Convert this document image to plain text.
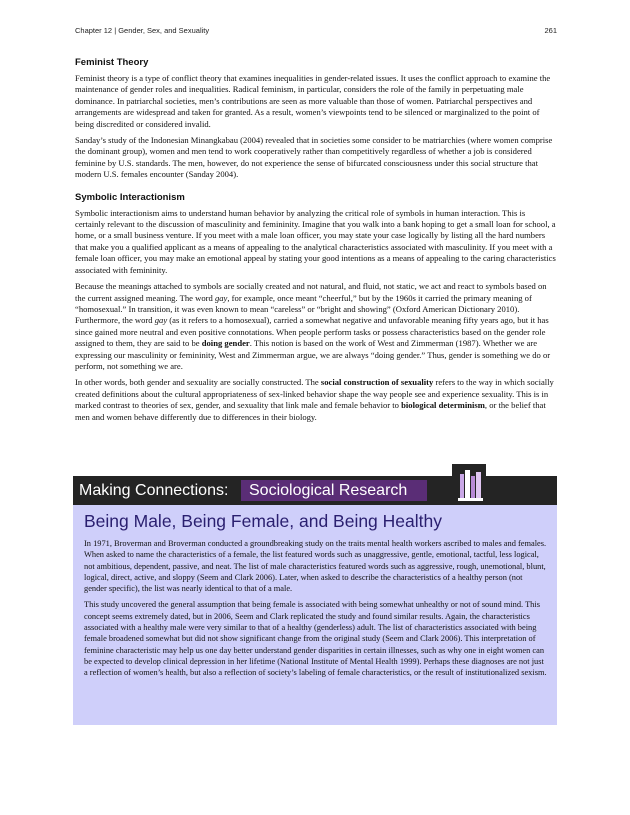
Chapter 12 | Gender, Sex, and Sexuality	261
Feminist Theory

Feminist theory is a type of conflict theory that examines inequalities in gender-related issues. It uses the conflict approach to examine the maintenance of gender roles and inequalities. Radical feminism, in particular, considers the role of the family in perpetuating male dominance. In patriarchal societies, men’s contributions are seen as more valuable than those of women. Patriarchal perspectives and arrangements are widespread and taken for granted. As a result, women’s viewpoints tend to be silenced or marginalized to the point of being discredited or considered invalid.

Sanday’s study of the Indonesian Minangkabau (2004) revealed that in societies some consider to be matriarchies (where women comprise the dominant group), women and men tend to work cooperatively rather than competitively regardless of whether a job is considered feminine by U.S. standards. The men, however, do not experience the sense of bifurcated consciousness under this social structure that modern U.S. females encounter (Sanday 2004).

Symbolic Interactionism

Symbolic interactionism aims to understand human behavior by analyzing the critical role of symbols in human interaction. This is certainly relevant to the discussion of masculinity and femininity. Imagine that you walk into a bank hoping to get a small loan for school, a home, or a small business venture. If you meet with a male loan officer, you may state your case logically by listing all the hard numbers that make you a qualified applicant as a means of appealing to the analytical characteristics associated with masculinity. If you meet with a female loan officer, you may make an emotional appeal by stating your good intentions as a means of appealing to the caring characteristics associated with femininity.

Because the meanings attached to symbols are socially created and not natural, and fluid, not static, we act and react to symbols based on the current assigned meaning. The word gay, for example, once meant “cheerful,” but by the 1960s it carried the primary meaning of “homosexual.” In transition, it was even known to mean “careless” or “bright and showing” (Oxford American Dictionary 2010). Furthermore, the word gay (as it refers to a homosexual), carried a somewhat negative and unfavorable meaning fifty years ago, but it has since gained more neutral and even positive connotations. When people perform tasks or possess characteristics based on the gender role assigned to them, they are said to be doing gender. This notion is based on the work of West and Zimmerman (1987). Whether we are expressing our masculinity or femininity, West and Zimmerman argue, we are always “doing gender.” Thus, gender is something we do or perform, not something we are.

In other words, both gender and sexuality are socially constructed. The social construction of sexuality refers to the way in which socially created definitions about the cultural appropriateness of sex-linked behavior shape the way people see and experience sexuality. This is in marked contrast to theories of sex, gender, and sexuality that link male and female behavior to biological determinism, or the belief that men and women behave differently due to differences in their biology.

Making Connections:	Sociological Research
Being Male, Being Female, and Being Healthy

In 1971, Broverman and Broverman conducted a groundbreaking study on the traits mental health workers ascribed to males and females. When asked to name the characteristics of a female, the list featured words such as unaggressive, gentle, emotional, tactful, less logical, not ambitious, dependent, passive, and neat. The list of male characteristics featured words such as aggressive, rough, unemotional, blunt, logical, direct, active, and sloppy (Seem and Clark 2006). Later, when asked to describe the characteristics of a healthy person (not gender specific), the list was nearly identical to that of a male.

This study uncovered the general assumption that being female is associated with being somewhat unhealthy or not of sound mind. This concept seems extremely dated, but in 2006, Seem and Clark replicated the study and found similar results. Again, the characteristics associated with a healthy male were very similar to that of a healthy (genderless) adult. The list of characteristics associated with being female broadened somewhat but did not show significant change from the original study (Seem and Clark 2006). This interpretation of feminine characteristic may help us one day better understand gender disparities in certain illnesses, such as why one in eight women can be expected to develop clinical depression in her lifetime (National Institute of Mental Health 1999). Perhaps these diagnoses are not just a reflection of women’s health, but also a reflection of society’s labeling of female characteristics, or the result of institutionalized sexism.
